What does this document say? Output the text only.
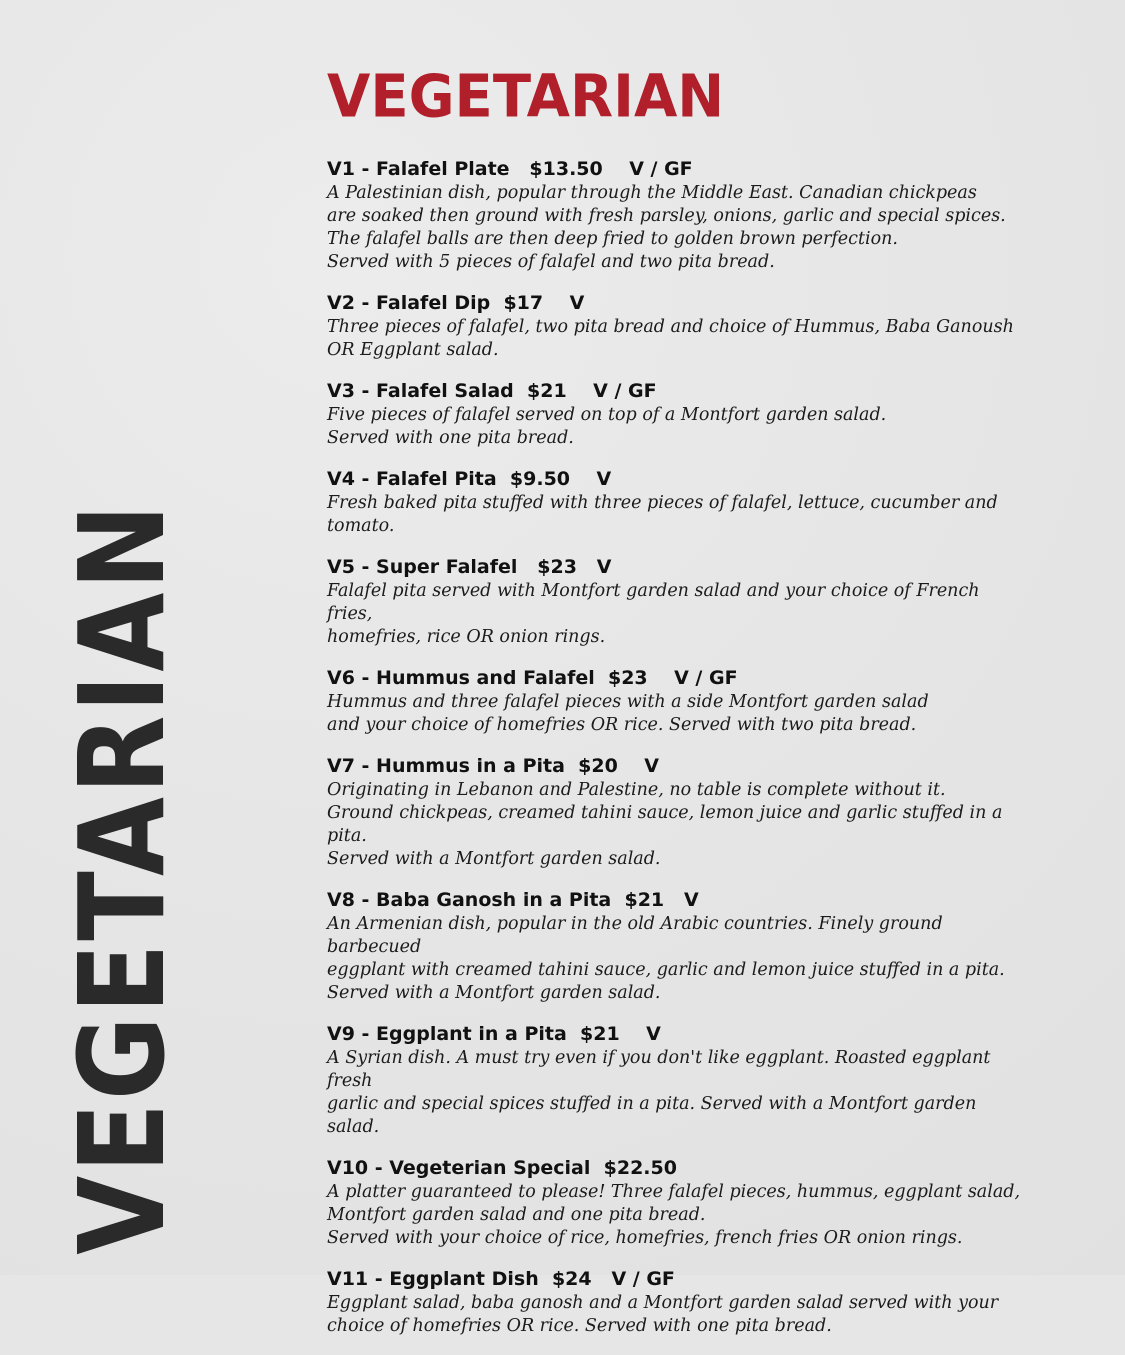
VEGETARIAN
VEGETARIAN
V1 - Falafel Plate   $13.50    V / GF
A Palestinian dish, popular through the Middle East. Canadian chickpeas
are soaked then ground with fresh parsley, onions, garlic and special spices.
The falafel balls are then deep fried to golden brown perfection.
Served with 5 pieces of falafel and two pita bread.
V2 - Falafel Dip  $17    V
Three pieces of falafel, two pita bread and choice of Hummus, Baba Ganoush
OR Eggplant salad.
V3 - Falafel Salad  $21    V / GF
Five pieces of falafel served on top of a Montfort garden salad.
Served with one pita bread.
V4 - Falafel Pita  $9.50    V
Fresh baked pita stuffed with three pieces of falafel, lettuce, cucumber and
tomato.
V5 - Super Falafel   $23   V
Falafel pita served with Montfort garden salad and your choice of French fries,
homefries, rice OR onion rings.
V6 - Hummus and Falafel  $23    V / GF
Hummus and three falafel pieces with a side Montfort garden salad
and your choice of homefries OR rice. Served with two pita bread.
V7 - Hummus in a Pita  $20    V
Originating in Lebanon and Palestine, no table is complete without it.
Ground chickpeas, creamed tahini sauce, lemon juice and garlic stuffed in a pita.
Served with a Montfort garden salad.
V8 - Baba Ganosh in a Pita  $21   V
An Armenian dish, popular in the old Arabic countries. Finely ground barbecued
eggplant with creamed tahini sauce, garlic and lemon juice stuffed in a pita.
Served with a Montfort garden salad.
V9 - Eggplant in a Pita  $21    V
A Syrian dish. A must try even if you don't like eggplant. Roasted eggplant fresh
garlic and special spices stuffed in a pita. Served with a Montfort garden salad.
V10 - Vegeterian Special  $22.50
A platter guaranteed to please! Three falafel pieces, hummus, eggplant salad,
Montfort garden salad and one pita bread.
Served with your choice of rice, homefries, french fries OR onion rings.
V11 - Eggplant Dish  $24   V / GF
Eggplant salad, baba ganosh and a Montfort garden salad served with your
choice of homefries OR rice. Served with one pita bread.
